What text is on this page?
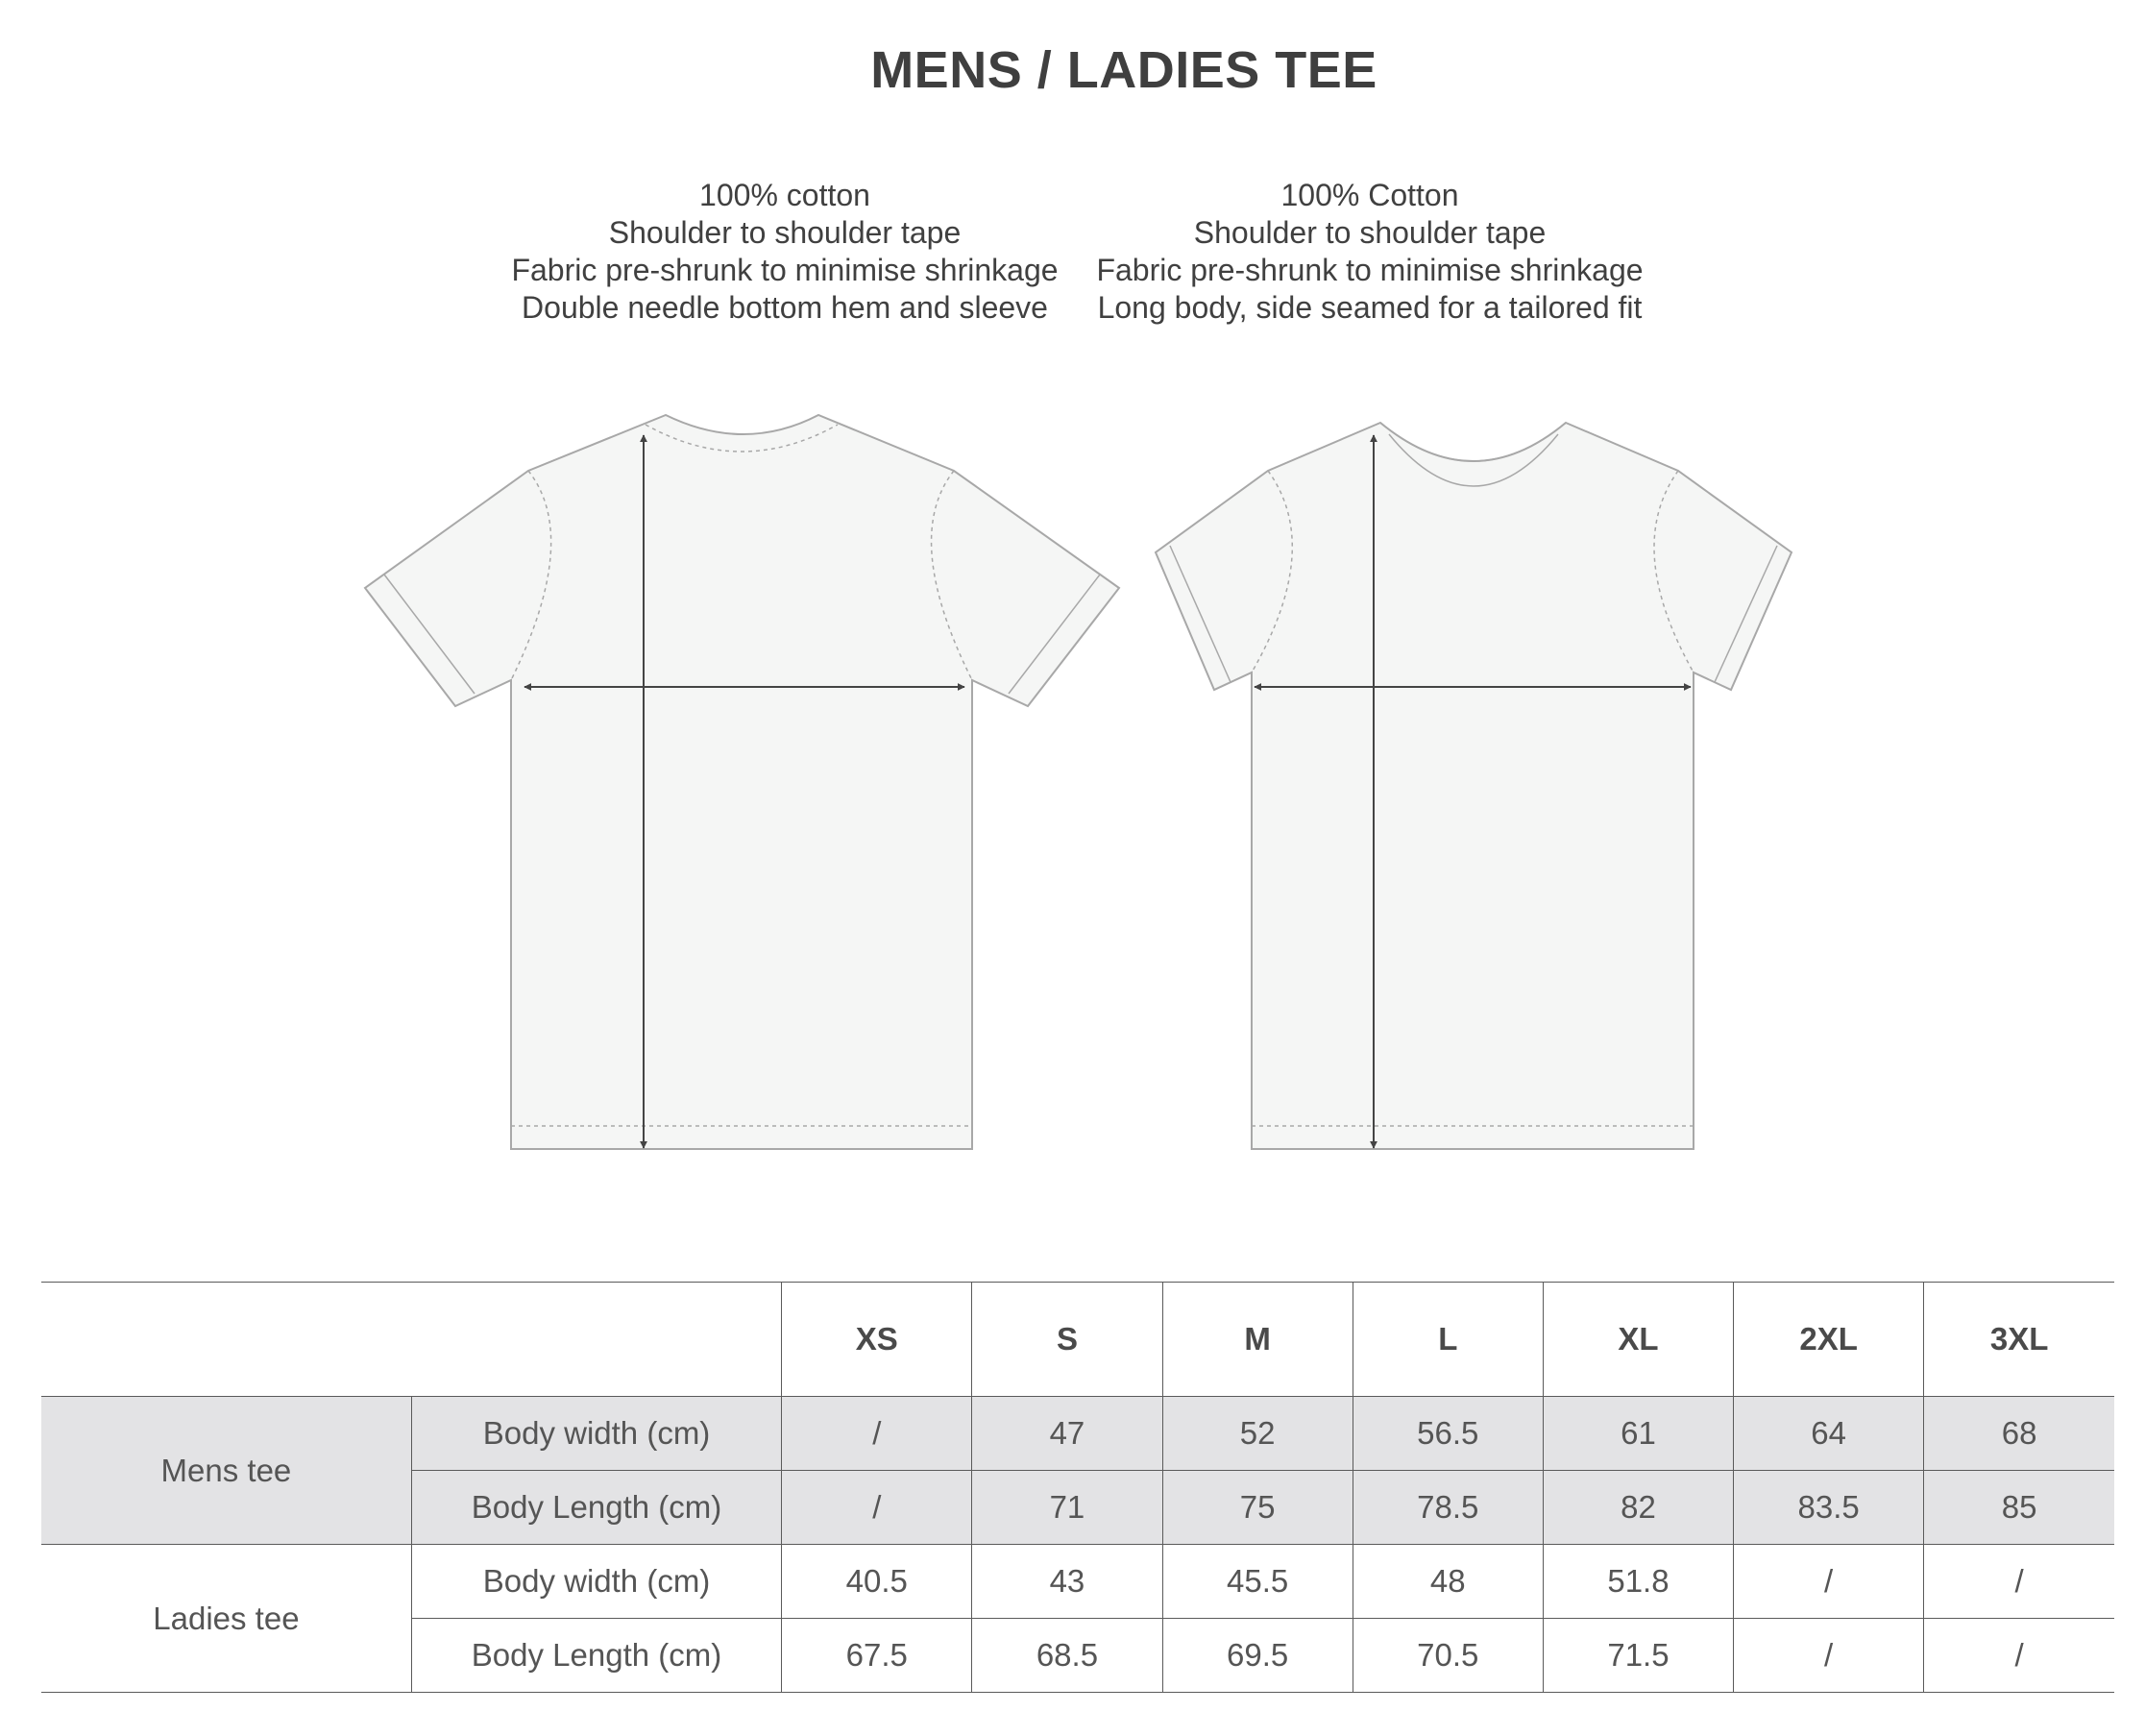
MENS / LADIES TEE
100% cotton
Shoulder to shoulder tape
Fabric pre-shrunk to minimise shrinkage
Double needle bottom hem and sleeve
100% Cotton
Shoulder to shoulder tape
Fabric pre-shrunk to minimise shrinkage
Long body, side seamed for a tailored fit
		XS	S	M	L	XL	2XL	3XL
Mens tee	Body width (cm)	/	47	52	56.5	61	64	68
	Body Length (cm)	/	71	75	78.5	82	83.5	85
Ladies tee	Body width (cm)	40.5	43	45.5	48	51.8	/	/
	Body Length (cm)	67.5	68.5	69.5	70.5	71.5	/	/
